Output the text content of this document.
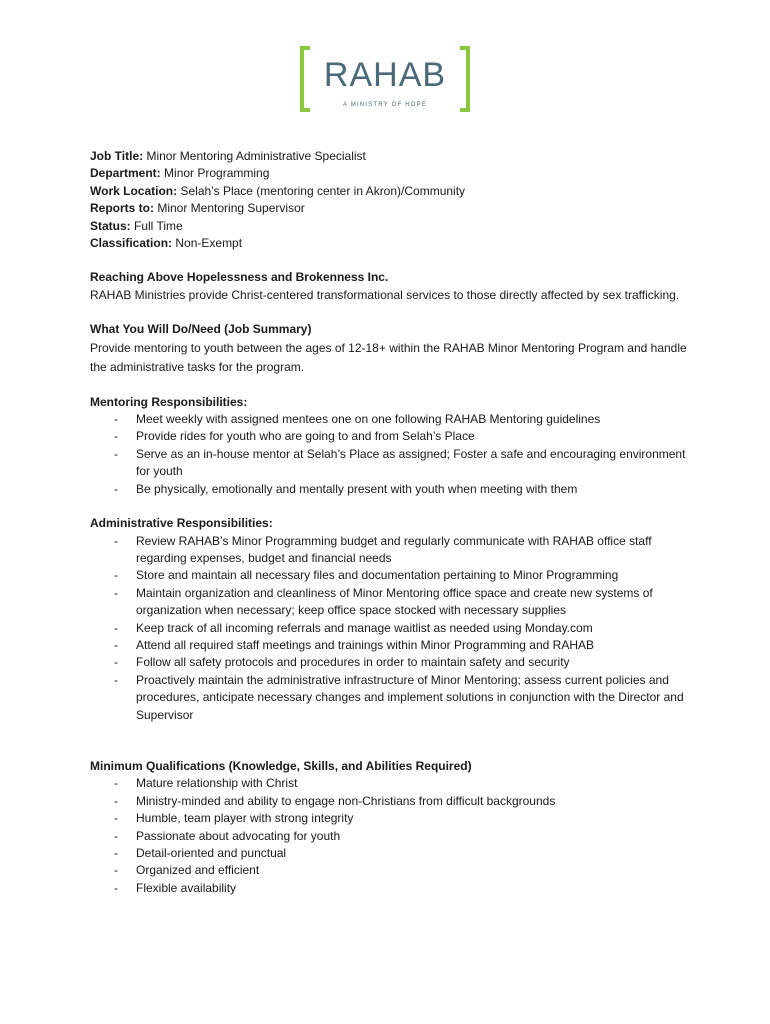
RAHAB
A MINISTRY OF HOPE

Job Title: Minor Mentoring Administrative Specialist

Department: Minor Programming

Work Location: Selah’s Place (mentoring center in Akron)/Community

Reports to: Minor Mentoring Supervisor

Status: Full Time

Classification: Non-Exempt

Reaching Above Hopelessness and Brokenness Inc.

RAHAB Ministries provide Christ-centered transformational services to those directly affected by sex trafficking.

What You Will Do/Need (Job Summary)

Provide mentoring to youth between the ages of 12-18+ within the RAHAB Minor Mentoring Program and handle the administrative tasks for the program.

Mentoring Responsibilities:

- Meet weekly with assigned mentees one on one following RAHAB Mentoring guidelines
- Provide rides for youth who are going to and from Selah’s Place
- Serve as an in-house mentor at Selah’s Place as assigned; Foster a safe and encouraging environment for youth
- Be physically, emotionally and mentally present with youth when meeting with them

Administrative Responsibilities:

- Review RAHAB’s Minor Programming budget and regularly communicate with RAHAB office staff regarding expenses, budget and financial needs
- Store and maintain all necessary files and documentation pertaining to Minor Programming
- Maintain organization and cleanliness of Minor Mentoring office space and create new systems of organization when necessary; keep office space stocked with necessary supplies
- Keep track of all incoming referrals and manage waitlist as needed using Monday.com
- Attend all required staff meetings and trainings within Minor Programming and RAHAB
- Follow all safety protocols and procedures in order to maintain safety and security
- Proactively maintain the administrative infrastructure of Minor Mentoring; assess current policies and procedures, anticipate necessary changes and implement solutions in conjunction with the Director and Supervisor

Minimum Qualifications (Knowledge, Skills, and Abilities Required)

- Mature relationship with Christ
- Ministry-minded and ability to engage non-Christians from difficult backgrounds
- Humble, team player with strong integrity
- Passionate about advocating for youth
- Detail-oriented and punctual
- Organized and efficient
- Flexible availability
